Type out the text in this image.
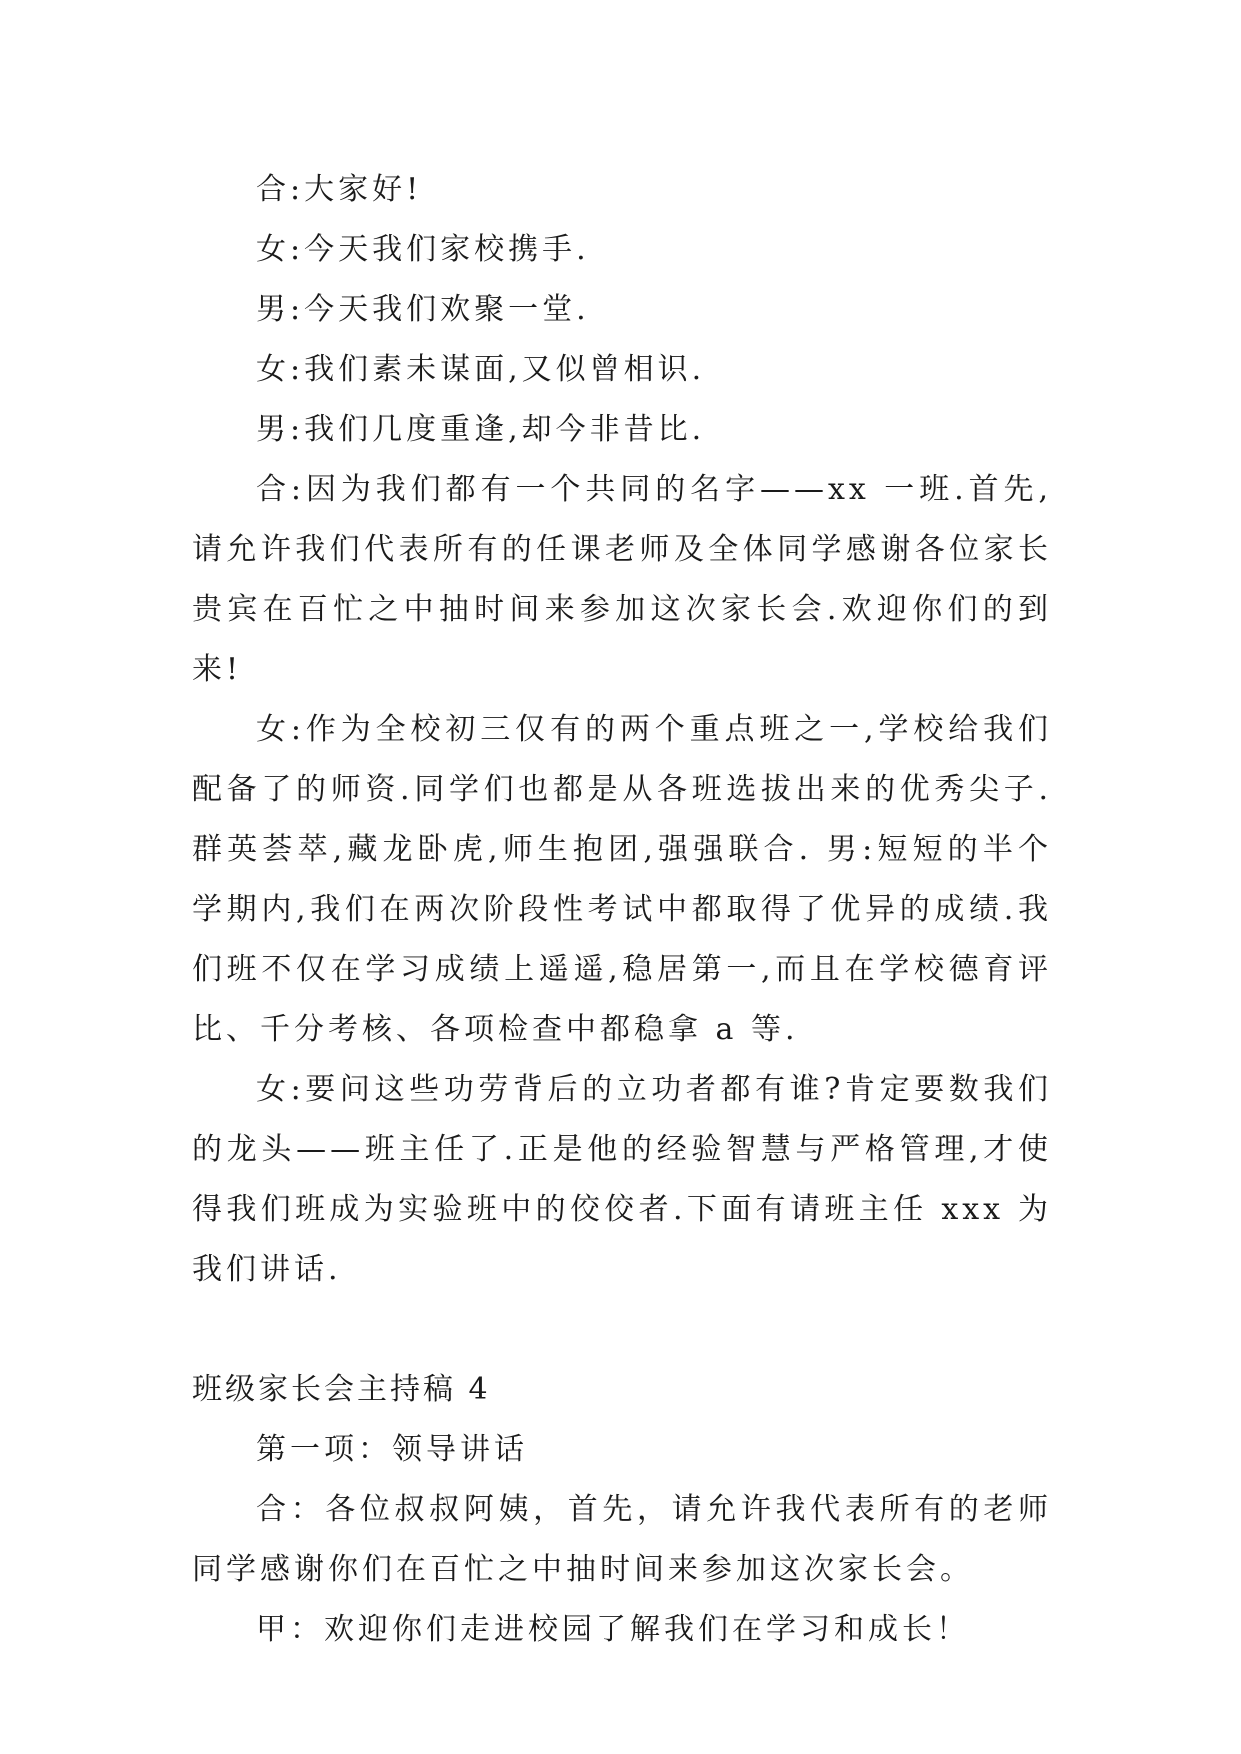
合:大家好!

女:今天我们家校携手.

男:今天我们欢聚一堂.

女:我们素未谋面,又似曾相识.

男:我们几度重逢,却今非昔比.

合:因为我们都有一个共同的名字——xx 一班.首先,请允许我们代表所有的任课老师及全体同学感谢各位家长贵宾在百忙之中抽时间来参加这次家长会.欢迎你们的到来!

女:作为全校初三仅有的两个重点班之一,学校给我们配备了的师资.同学们也都是从各班选拔出来的优秀尖子.群英荟萃,藏龙卧虎,师生抱团,强强联合. 男:短短的半个学期内,我们在两次阶段性考试中都取得了优异的成绩.我们班不仅在学习成绩上遥遥,稳居第一,而且在学校德育评比、千分考核、各项检查中都稳拿 a 等.

女:要问这些功劳背后的立功者都有谁?肯定要数我们的龙头——班主任了.正是他的经验智慧与严格管理,才使得我们班成为实验班中的佼佼者.下面有请班主任 xxx 为我们讲话.

班级家长会主持稿 4

第一项：领导讲话

合：各位叔叔阿姨，首先，请允许我代表所有的老师同学感谢你们在百忙之中抽时间来参加这次家长会。

甲：欢迎你们走进校园了解我们在学习和成长！
